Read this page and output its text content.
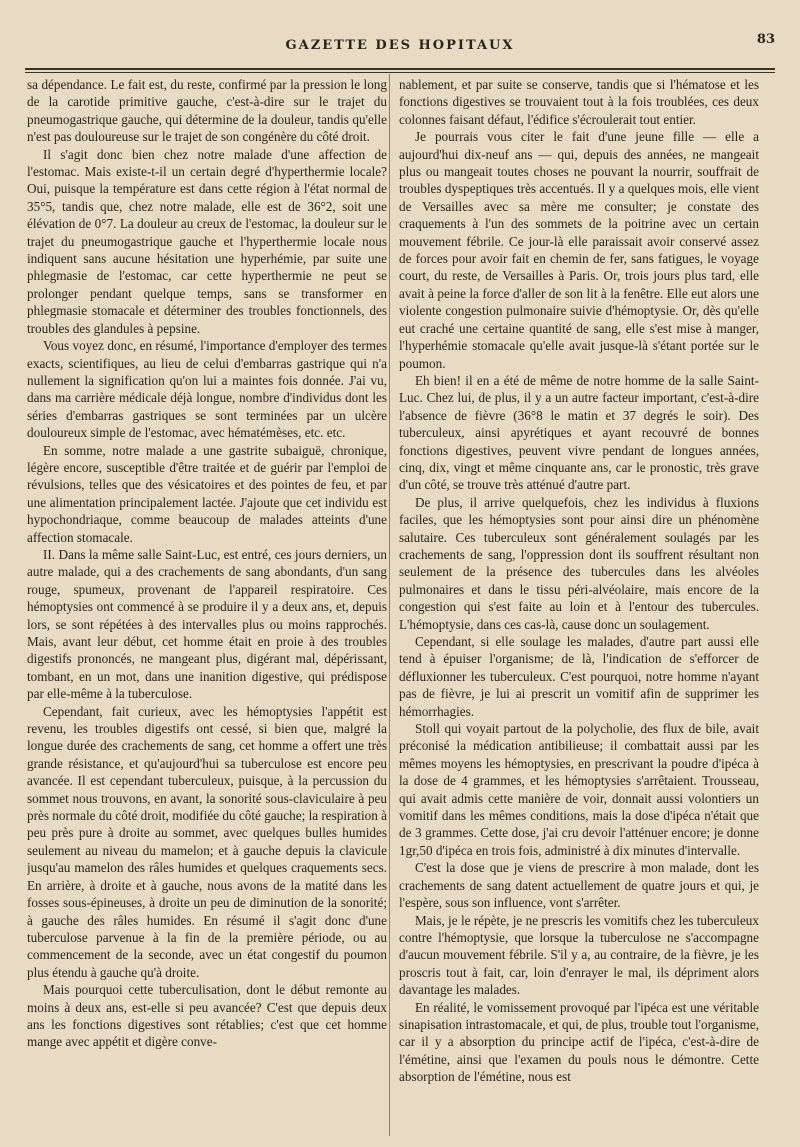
GAZETTE DES HOPITAUX	83

sa dépendance. Le fait est, du reste, confirmé par la pression le long de la carotide primitive gauche, c'est-à-dire sur le trajet du pneumogastrique gauche, qui détermine de la douleur, tandis qu'elle n'est pas douloureuse sur le trajet de son congénère du côté droit.

Il s'agit donc bien chez notre malade d'une affection de l'estomac. Mais existe-t-il un certain degré d'hyperthermie locale? Oui, puisque la température est dans cette région à l'état normal de 35°5, tandis que, chez notre malade, elle est de 36°2, soit une élévation de 0°7. La douleur au creux de l'estomac, la douleur sur le trajet du pneumogastrique gauche et l'hyperthermie locale nous indiquent sans aucune hésitation une hyperhémie, par suite une phlegmasie de l'estomac, car cette hyperthermie ne peut se prolonger pendant quelque temps, sans se transformer en phlegmasie stomacale et déterminer des troubles fonctionnels, des troubles des glandules à pepsine.

Vous voyez donc, en résumé, l'importance d'employer des termes exacts, scientifiques, au lieu de celui d'embarras gastrique qui n'a nullement la signification qu'on lui a maintes fois donnée. J'ai vu, dans ma carrière médicale déjà longue, nombre d'individus dont les séries d'embarras gastriques se sont terminées par un ulcère douloureux simple de l'estomac, avec hématémèses, etc. etc.

En somme, notre malade a une gastrite subaiguë, chronique, légère encore, susceptible d'être traitée et de guérir par l'emploi de révulsions, telles que des vésicatoires et des pointes de feu, et par une alimentation principalement lactée. J'ajoute que cet individu est hypochondriaque, comme beaucoup de malades atteints d'une affection stomacale.

II. Dans la même salle Saint-Luc, est entré, ces jours derniers, un autre malade, qui a des crachements de sang abondants, d'un sang rouge, spumeux, provenant de l'appareil respiratoire. Ces hémoptysies ont commencé à se produire il y a deux ans, et, depuis lors, se sont répétées à des intervalles plus ou moins rapprochés. Mais, avant leur début, cet homme était en proie à des troubles digestifs prononcés, ne mangeant plus, digérant mal, dépérissant, tombant, en un mot, dans une inanition digestive, qui prédispose par elle-même à la tuberculose.

Cependant, fait curieux, avec les hémoptysies l'appétit est revenu, les troubles digestifs ont cessé, si bien que, malgré la longue durée des crachements de sang, cet homme a offert une très grande résistance, et qu'aujourd'hui sa tuberculose est encore peu avancée. Il est cependant tuberculeux, puisque, à la percussion du sommet nous trouvons, en avant, la sonorité sous-claviculaire à peu près normale du côté droit, modifiée du côté gauche; la respiration à peu près pure à droite au sommet, avec quelques bulles humides seulement au niveau du mamelon; et à gauche depuis la clavicule jusqu'au mamelon des râles humides et quelques craquements secs. En arrière, à droite et à gauche, nous avons de la matité dans les fosses sous-épineuses, à droite un peu de diminution de la sonorité; à gauche des râles humides. En résumé il s'agit donc d'une tuberculose parvenue à la fin de la première période, ou au commencement de la seconde, avec un état congestif du poumon plus étendu à gauche qu'à droite.

Mais pourquoi cette tuberculisation, dont le début remonte au moins à deux ans, est-elle si peu avancée? C'est que depuis deux ans les fonctions digestives sont rétablies; c'est que cet homme mange avec appétit et digère conve-

nablement, et par suite se conserve, tandis que si l'hématose et les fonctions digestives se trouvaient tout à la fois troublées, ces deux colonnes faisant défaut, l'édifice s'écroulerait tout entier.

Je pourrais vous citer le fait d'une jeune fille — elle a aujourd'hui dix-neuf ans — qui, depuis des années, ne mangeait plus ou mangeait toutes choses ne pouvant la nourrir, souffrait de troubles dyspeptiques très accentués. Il y a quelques mois, elle vient de Versailles avec sa mère me consulter; je constate des craquements à l'un des sommets de la poitrine avec un certain mouvement fébrile. Ce jour-là elle paraissait avoir conservé assez de forces pour avoir fait en chemin de fer, sans fatigues, le voyage court, du reste, de Versailles à Paris. Or, trois jours plus tard, elle avait à peine la force d'aller de son lit à la fenêtre. Elle eut alors une violente congestion pulmonaire suivie d'hémoptysie. Or, dès qu'elle eut craché une certaine quantité de sang, elle s'est mise à manger, l'hyperhémie stomacale qu'elle avait jusque-là s'étant portée sur le poumon.

Eh bien! il en a été de même de notre homme de la salle Saint-Luc. Chez lui, de plus, il y a un autre facteur important, c'est-à-dire l'absence de fièvre (36°8 le matin et 37 degrés le soir). Des tuberculeux, ainsi apyrétiques et ayant recouvré de bonnes fonctions digestives, peuvent vivre pendant de longues années, cinq, dix, vingt et même cinquante ans, car le pronostic, très grave d'un côté, se trouve très atténué d'autre part.

De plus, il arrive quelquefois, chez les individus à fluxions faciles, que les hémoptysies sont pour ainsi dire un phénomène salutaire. Ces tuberculeux sont généralement soulagés par les crachements de sang, l'oppression dont ils souffrent résultant non seulement de la présence des tubercules dans les alvéoles pulmonaires et dans le tissu péri-alvéolaire, mais encore de la congestion qui s'est faite au loin et à l'entour des tubercules. L'hémoptysie, dans ces cas-là, cause donc un soulagement.

Cependant, si elle soulage les malades, d'autre part aussi elle tend à épuiser l'organisme; de là, l'indication de s'efforcer de défluxionner les tuberculeux. C'est pourquoi, notre homme n'ayant pas de fièvre, je lui ai prescrit un vomitif afin de supprimer les hémorrhagies.

Stoll qui voyait partout de la polycholie, des flux de bile, avait préconisé la médication antibilieuse; il combattait aussi par les mêmes moyens les hémoptysies, en prescrivant la poudre d'ipéca à la dose de 4 grammes, et les hémoptysies s'arrêtaient. Trousseau, qui avait admis cette manière de voir, donnait aussi volontiers un vomitif dans les mêmes conditions, mais la dose d'ipéca n'était que de 3 grammes. Cette dose, j'ai cru devoir l'atténuer encore; je donne 1gr,50 d'ipéca en trois fois, administré à dix minutes d'intervalle.

C'est la dose que je viens de prescrire à mon malade, dont les crachements de sang datent actuellement de quatre jours et qui, je l'espère, sous son influence, vont s'arrêter.

Mais, je le répète, je ne prescris les vomitifs chez les tuberculeux contre l'hémoptysie, que lorsque la tuberculose ne s'accompagne d'aucun mouvement fébrile. S'il y a, au contraire, de la fièvre, je les proscris tout à fait, car, loin d'enrayer le mal, ils dépriment alors davantage les malades.

En réalité, le vomissement provoqué par l'ipéca est une véritable sinapisation intrastomacale, et qui, de plus, trouble tout l'organisme, car il y a absorption du principe actif de l'ipéca, c'est-à-dire de l'émétine, ainsi que l'examen du pouls nous le démontre. Cette absorption de l'émétine, nous est
